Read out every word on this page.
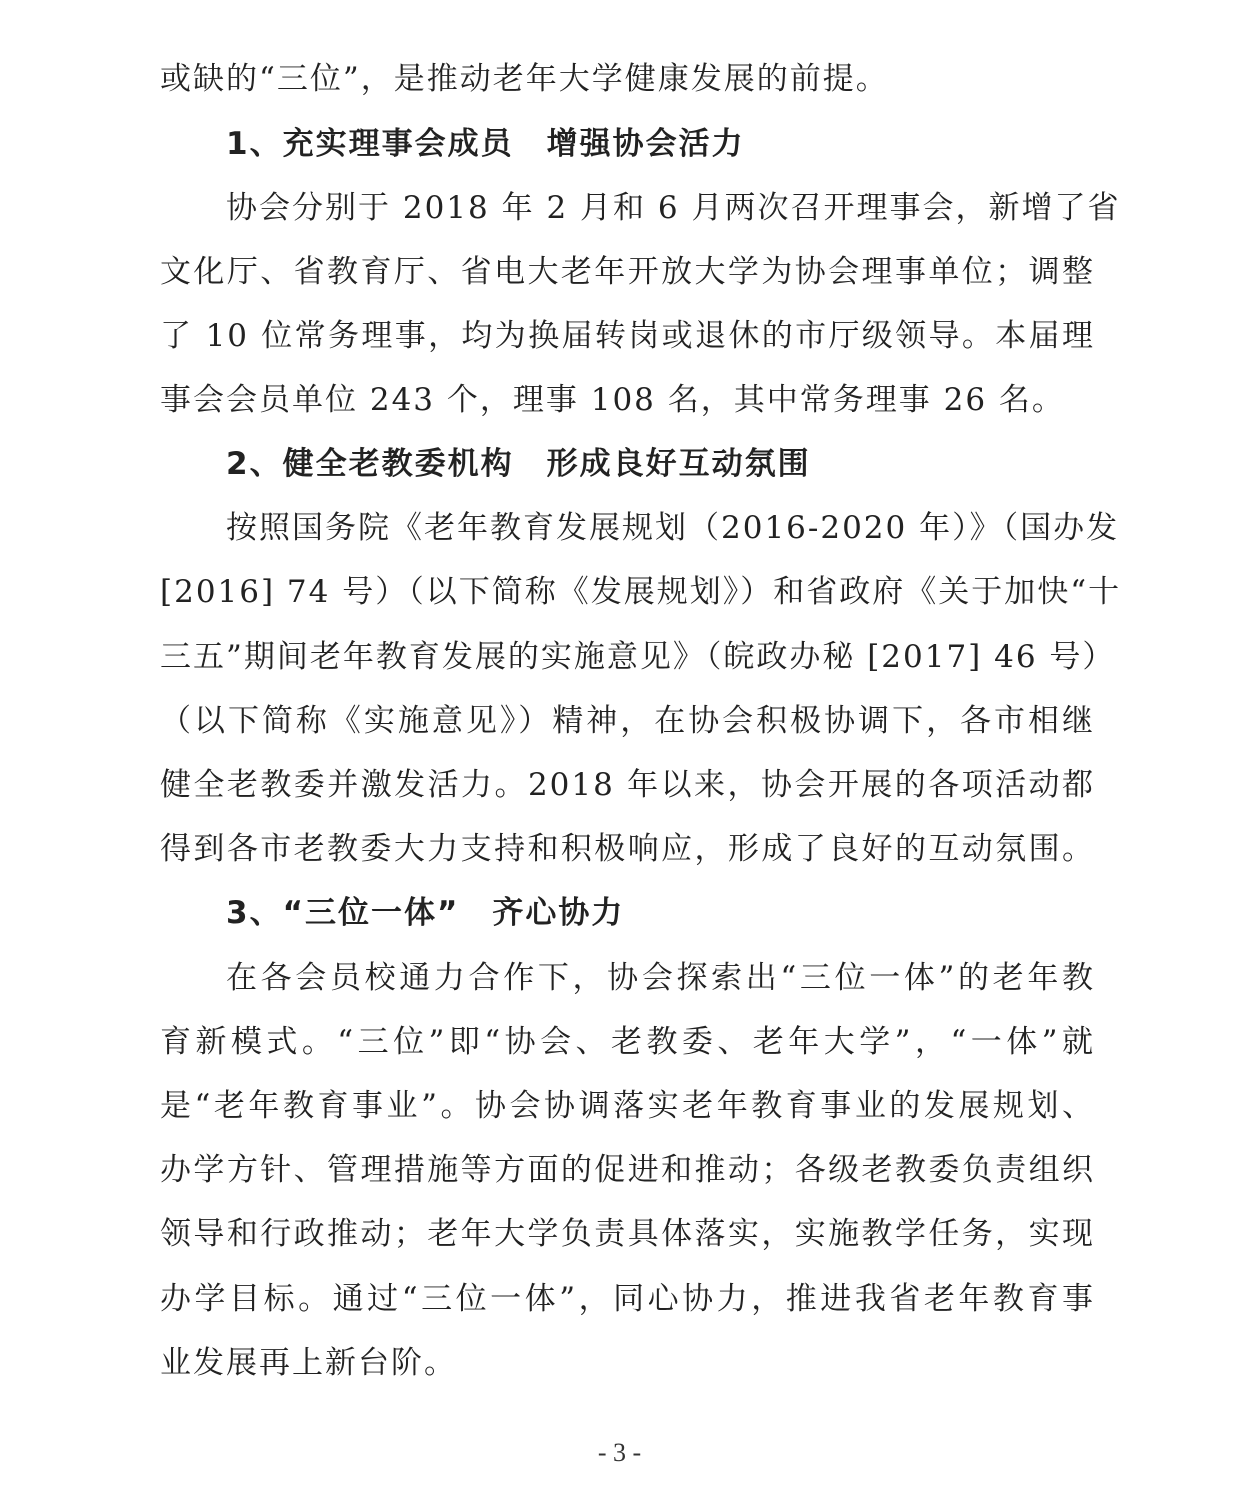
或缺的“三位”，是推动老年大学健康发展的前提。
1、充实理事会成员　增强协会活力
协会分别于 2018 年 2 月和 6 月两次召开理事会，新增了省
文化厅、省教育厅、省电大老年开放大学为协会理事单位；调整
了 10 位常务理事，均为换届转岗或退休的市厅级领导。本届理
事会会员单位 243 个，理事 108 名，其中常务理事 26 名。
2、健全老教委机构　形成良好互动氛围
按照国务院《老年教育发展规划（2016-2020 年）》（国办发
[2016] 74 号）（以下简称《发展规划》）和省政府《关于加快“十
三五”期间老年教育发展的实施意见》（皖政办秘 [2017] 46 号）
（以下简称《实施意见》）精神，在协会积极协调下，各市相继
健全老教委并激发活力。2018 年以来，协会开展的各项活动都
得到各市老教委大力支持和积极响应，形成了良好的互动氛围。
3、“三位一体”　齐心协力
在各会员校通力合作下，协会探索出“三位一体”的老年教
育新模式。“三位”即“协会、老教委、老年大学”，“一体”就
是“老年教育事业”。协会协调落实老年教育事业的发展规划、
办学方针、管理措施等方面的促进和推动；各级老教委负责组织
领导和行政推动；老年大学负责具体落实，实施教学任务，实现
办学目标。通过“三位一体”，同心协力，推进我省老年教育事
业发展再上新台阶。
- 3 -
